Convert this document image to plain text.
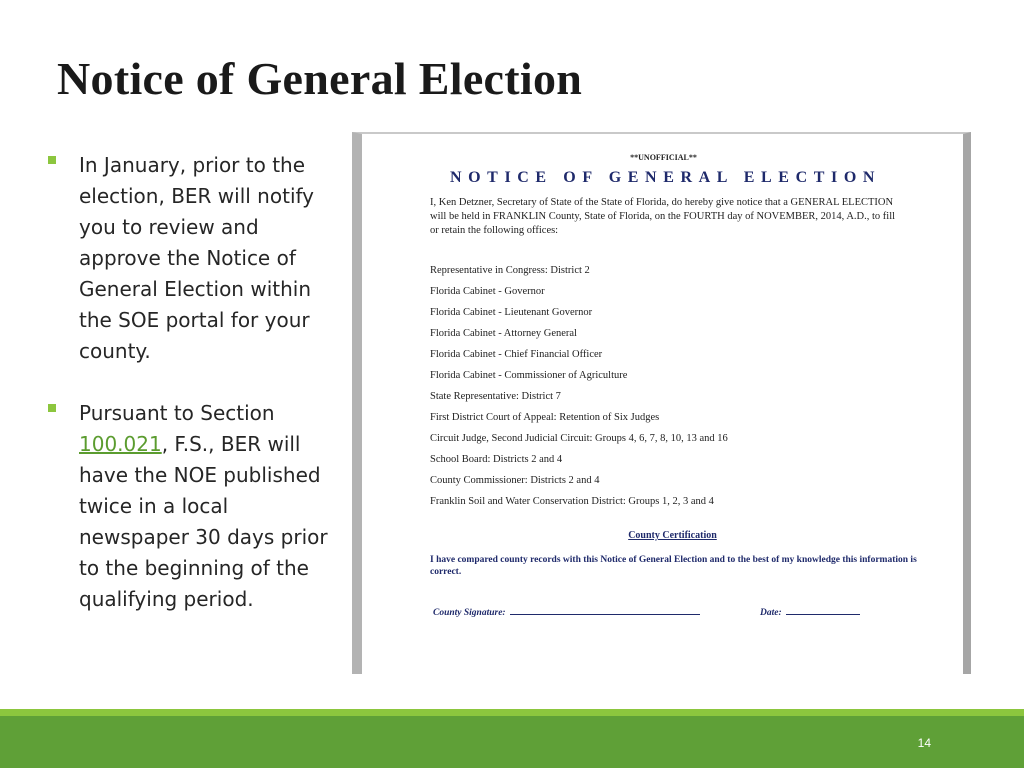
Notice of General Election
In January, prior to the election, BER will notify you to review and approve the Notice of General Election within the SOE portal for your county.
Pursuant to Section 100.021, F.S., BER will have the NOE published twice in a local newspaper 30 days prior to the beginning of the qualifying period.
**UNOFFICIAL**
NOTICE OF GENERAL ELECTION
I, Ken Detzner, Secretary of State of the State of Florida, do hereby give notice that a GENERAL ELECTION will be held in FRANKLIN County, State of Florida, on the FOURTH day of NOVEMBER, 2014, A.D., to fill or retain the following offices:
Representative in Congress: District 2
Florida Cabinet - Governor
Florida Cabinet - Lieutenant Governor
Florida Cabinet - Attorney General
Florida Cabinet - Chief Financial Officer
Florida Cabinet - Commissioner of Agriculture
State Representative: District 7
First District Court of Appeal: Retention of Six Judges
Circuit Judge, Second Judicial Circuit: Groups 4, 6, 7, 8, 10, 13 and 16
School Board: Districts 2 and 4
County Commissioner: Districts 2 and 4
Franklin Soil and Water Conservation District: Groups 1, 2, 3 and 4
County Certification
I have compared county records with this Notice of General Election and to the best of my knowledge this information is correct.
County Signature:	Date:
14
